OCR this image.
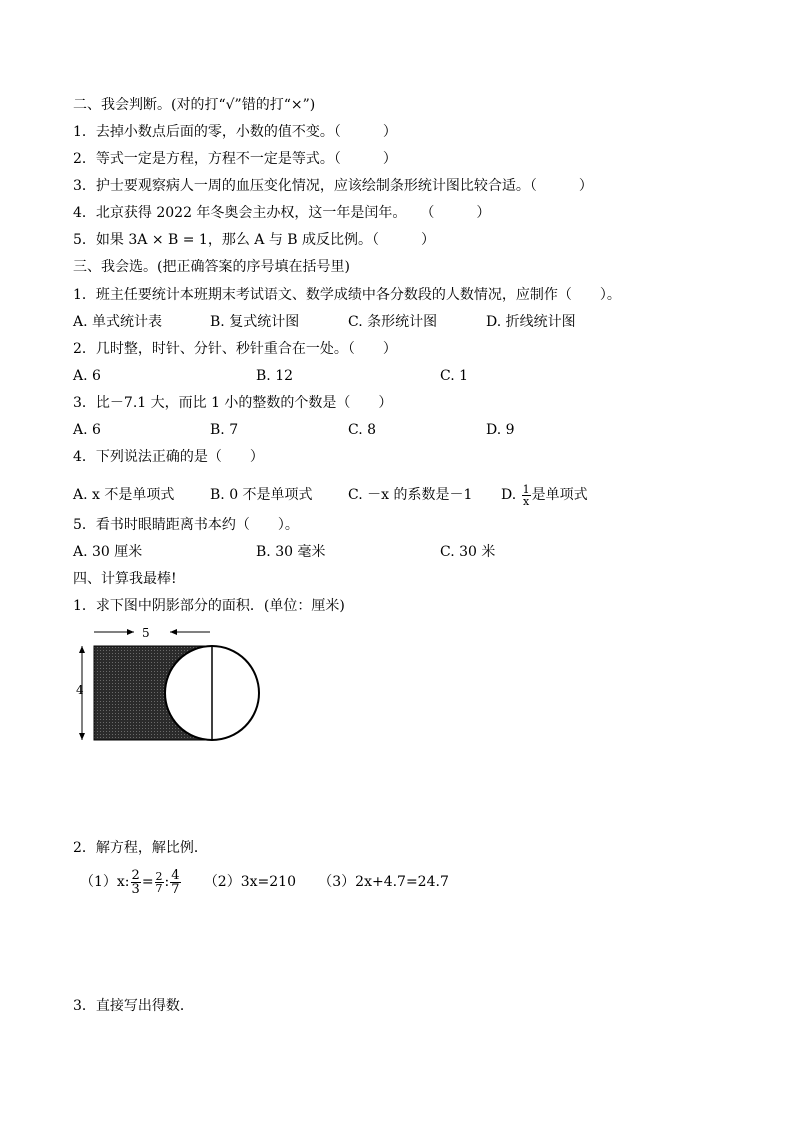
二、我会判断。(对的打“√”错的打“×”)
1．去掉小数点后面的零，小数的值不变。（　　　）
2．等式一定是方程，方程不一定是等式。（　　　）
3．护士要观察病人一周的血压变化情况，应该绘制条形统计图比较合适。（　　　）
4．北京获得 2022 年冬奥会主办权，这一年是闰年。　　（　　　）
5．如果 3A × B = 1，那么 A 与 B 成反比例。（　　　）
三、我会选。(把正确答案的序号填在括号里)
1．班主任要统计本班期末考试语文、数学成绩中各分数段的人数情况，应制作（　　）。
A. 单式统计表	B. 复式统计图	C. 条形统计图	D. 折线统计图
2．几时整，时针、分针、秒针重合在一处。（　　）
A. 6	B. 12	C. 1
3．比－7.1 大，而比 1 小的整数的个数是（　　）
A. 6	B. 7	C. 8	D. 9
4．下列说法正确的是（　　）
A. x 不是单项式	B. 0 不是单项式	C. －x 的系数是－1 D. $\frac{1}{x}$ 是单项式
5．看书时眼睛距离书本约（　　）。
A. 30 厘米	B. 30 毫米	C. 30 米
四、计算我最棒!
1．求下图中阴影部分的面积．(单位：厘米)
5
4
2．解方程，解比例．
（1）x: $\frac{2}{3} = \frac{2}{7}$ : $\frac{4}{7} (2)3x=210$ （3）2x+4.7=24.7
3．直接写出得数．
